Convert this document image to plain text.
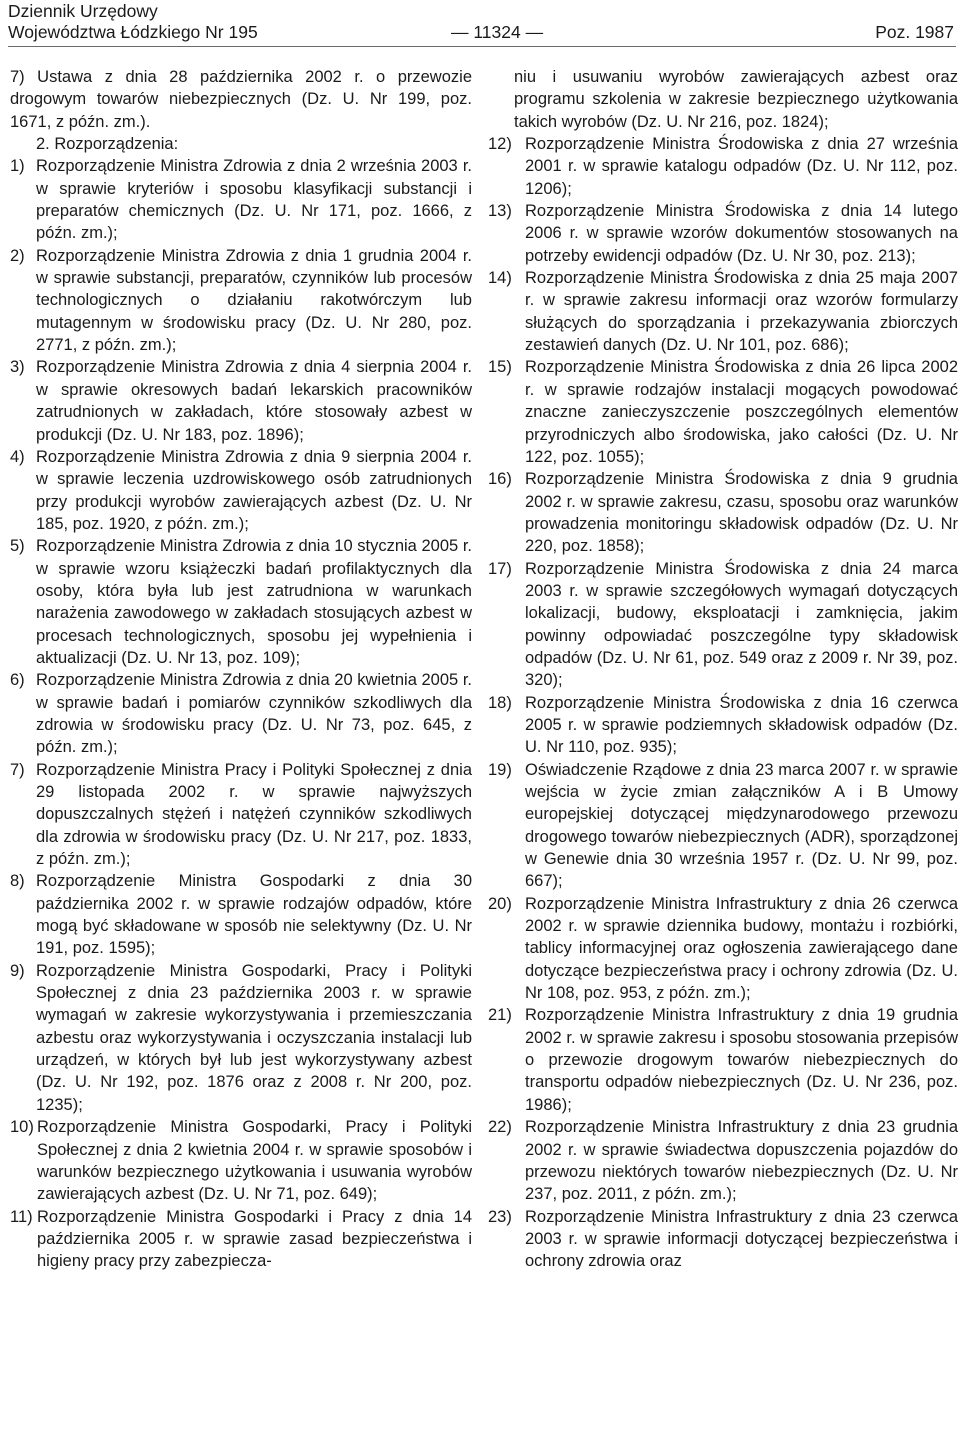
Dziennik Urzędowy
Województwa Łódzkiego Nr 195	— 11324 —	Poz. 1987

7) Ustawa z dnia 28 października 2002 r. o przewozie drogowym towarów niebezpiecznych (Dz. U. Nr 199, poz. 1671, z późn. zm.).

2. Rozporządzenia:

1) Rozporządzenie Ministra Zdrowia z dnia 2 września 2003 r. w sprawie kryteriów i sposobu klasyfikacji substancji i preparatów chemicznych (Dz. U. Nr 171, poz. 1666, z późn. zm.);
2) Rozporządzenie Ministra Zdrowia z dnia 1 grudnia 2004 r. w sprawie substancji, preparatów, czynników lub procesów technologicznych o działaniu rakotwórczym lub mutagennym w środowisku pracy (Dz. U. Nr 280, poz. 2771, z późn. zm.);
3) Rozporządzenie Ministra Zdrowia z dnia 4 sierpnia 2004 r. w sprawie okresowych badań lekarskich pracowników zatrudnionych w zakładach, które stosowały azbest w produkcji (Dz. U. Nr 183, poz. 1896);
4) Rozporządzenie Ministra Zdrowia z dnia 9 sierpnia 2004 r. w sprawie leczenia uzdrowiskowego osób zatrudnionych przy produkcji wyrobów zawierających azbest (Dz. U. Nr 185, poz. 1920, z późn. zm.);
5) Rozporządzenie Ministra Zdrowia z dnia 10 stycznia 2005 r. w sprawie wzoru książeczki badań profilaktycznych dla osoby, która była lub jest zatrudniona w warunkach narażenia zawodowego w zakładach stosujących azbest w procesach technologicznych, sposobu jej wypełnienia i aktualizacji (Dz. U. Nr 13, poz. 109);
6) Rozporządzenie Ministra Zdrowia z dnia 20 kwietnia 2005 r. w sprawie badań i pomiarów czynników szkodliwych dla zdrowia w środowisku pracy (Dz. U. Nr 73, poz. 645, z późn. zm.);
7) Rozporządzenie Ministra Pracy i Polityki Społecznej z dnia 29 listopada 2002 r. w sprawie najwyższych dopuszczalnych stężeń i natężeń czynników szkodliwych dla zdrowia w środowisku pracy (Dz. U. Nr 217, poz. 1833, z późn. zm.);
8) Rozporządzenie Ministra Gospodarki z dnia 30 października 2002 r. w sprawie rodzajów odpadów, które mogą być składowane w sposób nie selektywny (Dz. U. Nr 191, poz. 1595);
9) Rozporządzenie Ministra Gospodarki, Pracy i Polityki Społecznej z dnia 23 października 2003 r. w sprawie wymagań w zakresie wykorzystywania i przemieszczania azbestu oraz wykorzystywania i oczyszczania instalacji lub urządzeń, w których był lub jest wykorzystywany azbest (Dz. U. Nr 192, poz. 1876 oraz z 2008 r. Nr 200, poz. 1235);
10) Rozporządzenie Ministra Gospodarki, Pracy i Polityki Społecznej z dnia 2 kwietnia 2004 r. w sprawie sposobów i warunków bezpiecznego użytkowania i usuwania wyrobów zawierających azbest (Dz. U. Nr 71, poz. 649);
11) Rozporządzenie Ministra Gospodarki i Pracy z dnia 14 października 2005 r. w sprawie zasad bezpieczeństwa i higieny pracy przy zabezpiecza-

niu i usuwaniu wyrobów zawierających azbest oraz programu szkolenia w zakresie bezpiecznego użytkowania takich wyrobów (Dz. U. Nr 216, poz. 1824);

12) Rozporządzenie Ministra Środowiska z dnia 27 września 2001 r. w sprawie katalogu odpadów (Dz. U. Nr 112, poz. 1206);
13) Rozporządzenie Ministra Środowiska z dnia 14 lutego 2006 r. w sprawie wzorów dokumentów stosowanych na potrzeby ewidencji odpadów (Dz. U. Nr 30, poz. 213);
14) Rozporządzenie Ministra Środowiska z dnia 25 maja 2007 r. w sprawie zakresu informacji oraz wzorów formularzy służących do sporządzania i przekazywania zbiorczych zestawień danych (Dz. U. Nr 101, poz. 686);
15) Rozporządzenie Ministra Środowiska z dnia 26 lipca 2002 r. w sprawie rodzajów instalacji mogących powodować znaczne zanieczyszczenie poszczególnych elementów przyrodniczych albo środowiska, jako całości (Dz. U. Nr 122, poz. 1055);
16) Rozporządzenie Ministra Środowiska z dnia 9 grudnia 2002 r. w sprawie zakresu, czasu, sposobu oraz warunków prowadzenia monitoringu składowisk odpadów (Dz. U. Nr 220, poz. 1858);
17) Rozporządzenie Ministra Środowiska z dnia 24 marca 2003 r. w sprawie szczegółowych wymagań dotyczących lokalizacji, budowy, eksploatacji i zamknięcia, jakim powinny odpowiadać poszczególne typy składowisk odpadów (Dz. U. Nr 61, poz. 549 oraz z 2009 r. Nr 39, poz. 320);
18) Rozporządzenie Ministra Środowiska z dnia 16 czerwca 2005 r. w sprawie podziemnych składowisk odpadów (Dz. U. Nr 110, poz. 935);
19) Oświadczenie Rządowe z dnia 23 marca 2007 r. w sprawie wejścia w życie zmian załączników A i B Umowy europejskiej dotyczącej międzynarodowego przewozu drogowego towarów niebezpiecznych (ADR), sporządzonej w Genewie dnia 30 września 1957 r. (Dz. U. Nr 99, poz. 667);
20) Rozporządzenie Ministra Infrastruktury z dnia 26 czerwca 2002 r. w sprawie dziennika budowy, montażu i rozbiórki, tablicy informacyjnej oraz ogłoszenia zawierającego dane dotyczące bezpieczeństwa pracy i ochrony zdrowia (Dz. U. Nr 108, poz. 953, z późn. zm.);
21) Rozporządzenie Ministra Infrastruktury z dnia 19 grudnia 2002 r. w sprawie zakresu i sposobu stosowania przepisów o przewozie drogowym towarów niebezpiecznych do transportu odpadów niebezpiecznych (Dz. U. Nr 236, poz. 1986);
22) Rozporządzenie Ministra Infrastruktury z dnia 23 grudnia 2002 r. w sprawie świadectwa dopuszczenia pojazdów do przewozu niektórych towarów niebezpiecznych (Dz. U. Nr 237, poz. 2011, z późn. zm.);
23) Rozporządzenie Ministra Infrastruktury z dnia 23 czerwca 2003 r. w sprawie informacji dotyczącej bezpieczeństwa i ochrony zdrowia oraz
